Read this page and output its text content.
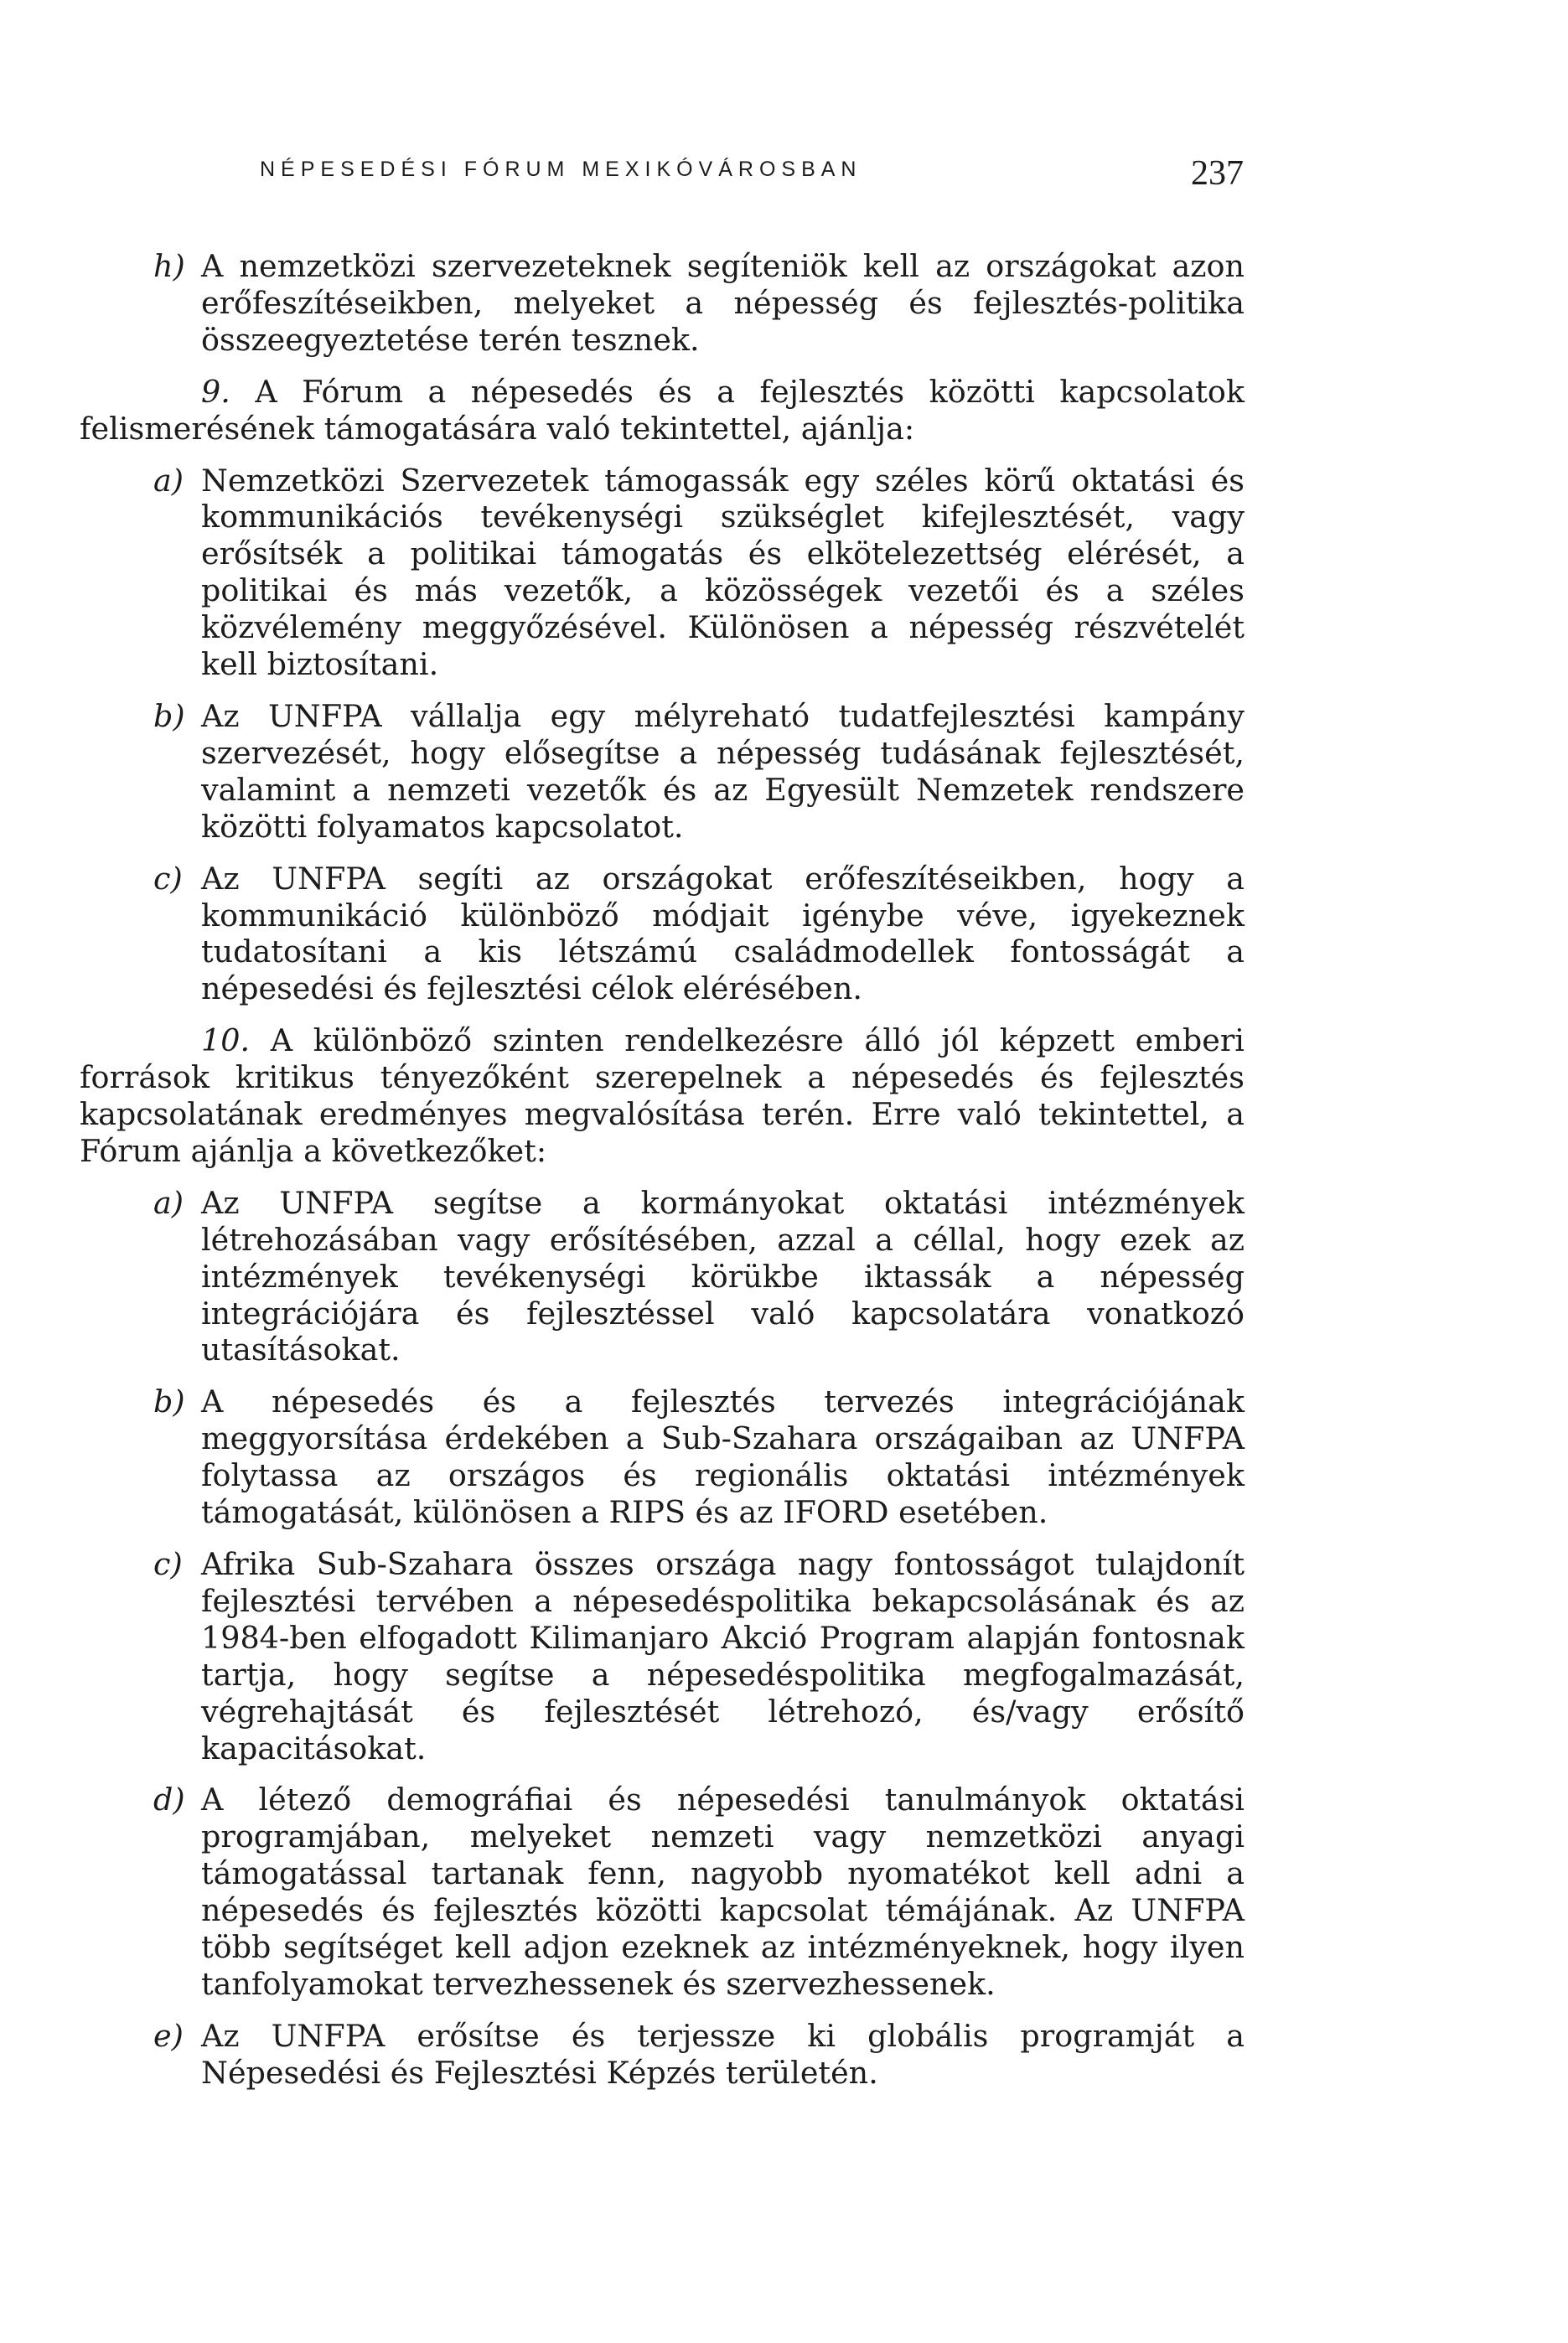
NÉPESEDÉSI FÓRUM MEXIKÓVÁROSBAN	237
h) A nemzetközi szervezeteknek segíteniök kell az országokat azon erőfeszítéseikben, melyeket a népesség és fejlesztés-politika összeegyeztetése terén tesznek.

9. A Fórum a népesedés és a fejlesztés közötti kapcsolatok felismerésének támogatására való tekintettel, ajánlja:
a) Nemzetközi Szervezetek támogassák egy széles körű oktatási és kommunikációs tevékenységi szükséglet kifejlesztését, vagy erősítsék a politikai támogatás és elkötelezettség elérését, a politikai és más vezetők, a közösségek vezetői és a széles közvélemény meggyőzésével. Különösen a népesség részvételét kell biztosítani.

b) Az UNFPA vállalja egy mélyreható tudatfejlesztési kampány szervezését, hogy elősegítse a népesség tudásának fejlesztését, valamint a nemzeti vezetők és az Egyesült Nemzetek rendszere közötti folyamatos kapcsolatot.

c) Az UNFPA segíti az országokat erőfeszítéseikben, hogy a kommunikáció különböző módjait igénybe véve, igyekeznek tudatosítani a kis létszámú családmodellek fontosságát a népesedési és fejlesztési célok elérésében.

10. A különböző szinten rendelkezésre álló jól képzett emberi források kritikus tényezőként szerepelnek a népesedés és fejlesztés kapcsolatának eredményes megvalósítása terén. Erre való tekintettel, a Fórum ajánlja a következőket:
a) Az UNFPA segítse a kormányokat oktatási intézmények létrehozásában vagy erősítésében, azzal a céllal, hogy ezek az intézmények tevékenységi körükbe iktassák a népesség integrációjára és fejlesztéssel való kapcsolatára vonatkozó utasításokat.

b) A népesedés és a fejlesztés tervezés integrációjának meggyorsítása érdekében a Sub-Szahara országaiban az UNFPA folytassa az országos és regionális oktatási intézmények támogatását, különösen a RIPS és az IFORD esetében.

c) Afrika Sub-Szahara összes országa nagy fontosságot tulajdonít fejlesztési tervében a népesedéspolitika bekapcsolásának és az 1984-ben elfogadott Kilimanjaro Akció Program alapján fontosnak tartja, hogy segítse a népesedéspolitika megfogalmazását, végrehajtását és fejlesztését létrehozó, és/vagy erősítő kapacitásokat.

d) A létező demográfiai és népesedési tanulmányok oktatási programjában, melyeket nemzeti vagy nemzetközi anyagi támogatással tartanak fenn, nagyobb nyomatékot kell adni a népesedés és fejlesztés közötti kapcsolat témájának. Az UNFPA több segítséget kell adjon ezeknek az intézményeknek, hogy ilyen tanfolyamokat tervezhessenek és szervezhessenek.

e) Az UNFPA erősítse és terjessze ki globális programját a Népesedési és Fejlesztési Képzés területén.
